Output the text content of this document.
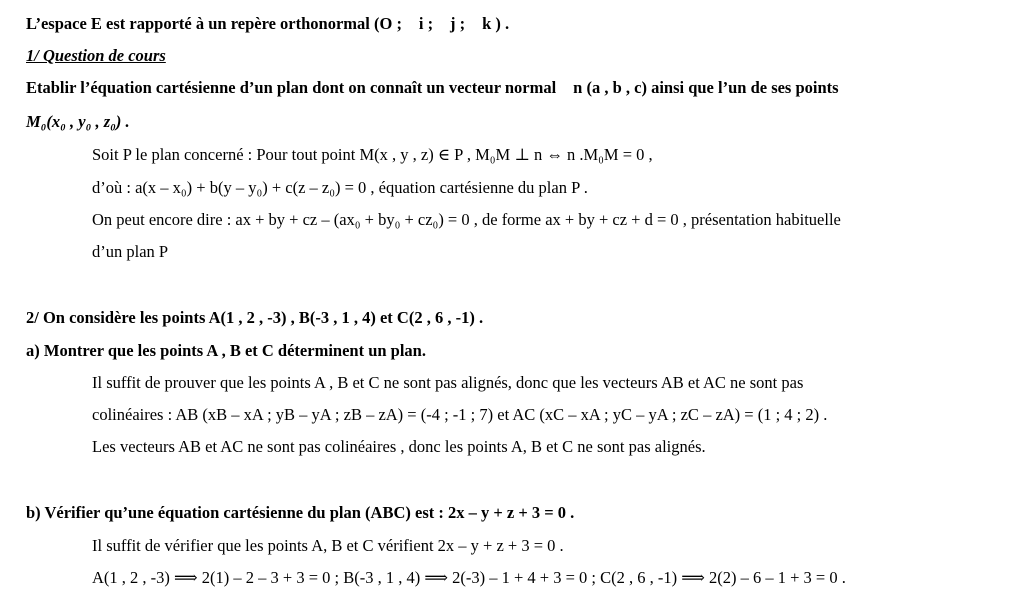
L’espace E est rapporté à un repère orthonormal (O ; ⃗i ; ⃗j ; ⃗k ) .
1/ Question de cours
Etablir l’équation cartésienne d’un plan dont on connaît un vecteur normal ⃗n (a , b , c) ainsi que l’un de ses points
M₀(x₀ , y₀ , z₀) .
Soit P le plan concerné : Pour tout point M(x , y , z) ∈ P , M₀M ⊥ n ⇔ n .M₀M = 0 ,
d’où : a(x – x₀) + b(y – y₀) + c(z – z₀) = 0 , équation cartésienne du plan P .
On peut encore dire : ax + by + cz – (ax₀ + by₀ + cz₀) = 0 , de forme ax + by + cz + d = 0 , présentation habituelle
d’un plan P
2/ On considère les points A(1 , 2 , -3) , B(-3 , 1 , 4) et C(2 , 6 , -1) .
a) Montrer que les points A , B et C déterminent un plan.
Il suffit de prouver que les points A , B et C ne sont pas alignés, donc que les vecteurs AB et AC ne sont pas
colinéaires : AB (xB – xA ; yB – yA ; zB – zA) = (-4 ; -1 ; 7) et AC (xC – xA ; yC – yA ; zC – zA) = (1 ; 4 ; 2) .
Les vecteurs AB et AC ne sont pas colinéaires , donc les points A, B et C ne sont pas alignés.
b) Vérifier qu’une équation cartésienne du plan (ABC) est : 2x – y + z + 3 = 0 .
Il suffit de vérifier que les points A, B et C vérifient 2x – y + z + 3 = 0 .
A(1 , 2 , -3) ⟹ 2(1) – 2 – 3 + 3 = 0 ; B(-3 , 1 , 4) ⟹ 2(-3) – 1 + 4 + 3 = 0 ; C(2 , 6 , -1) ⟹ 2(2) – 6 – 1 + 3 = 0 .
